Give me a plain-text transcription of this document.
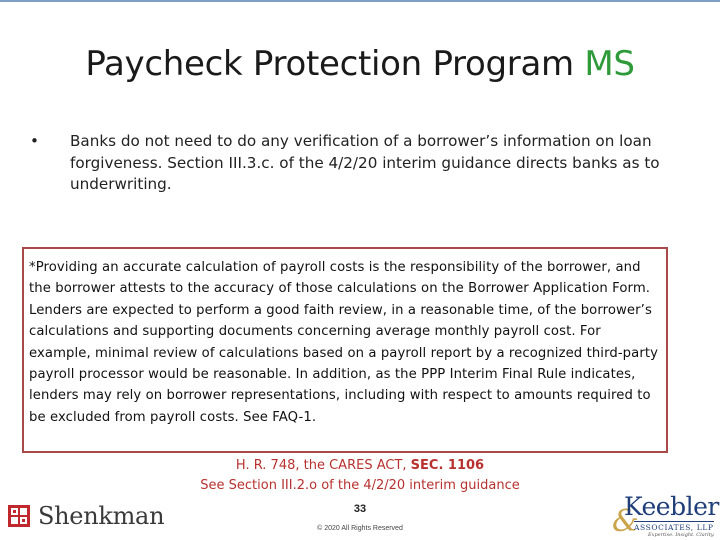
Paycheck Protection Program MS
•	Banks do not need to do any verification of a borrower’s information on loan forgiveness. Section III.3.c. of the 4/2/20 interim guidance directs banks as to underwriting.
*Providing an accurate calculation of payroll costs is the responsibility of the borrower, and the borrower attests to the accuracy of those calculations on the Borrower Application Form. Lenders are expected to perform a good faith review, in a reasonable time, of the borrower’s calculations and supporting documents concerning average monthly payroll cost. For example, minimal review of calculations based on a payroll report by a recognized third-party payroll processor would be reasonable. In addition, as the PPP Interim Final Rule indicates, lenders may rely on borrower representations, including with respect to amounts required to be excluded from payroll costs. See FAQ-1.
H. R. 748, the CARES ACT, SEC. 1106
See Section III.2.o of the 4/2/20 interim guidance
33
© 2020 All Rights Reserved
Shenkman	&
Keebler
ASSOCIATES, LLP
Expertise. Insight. Clarity.
